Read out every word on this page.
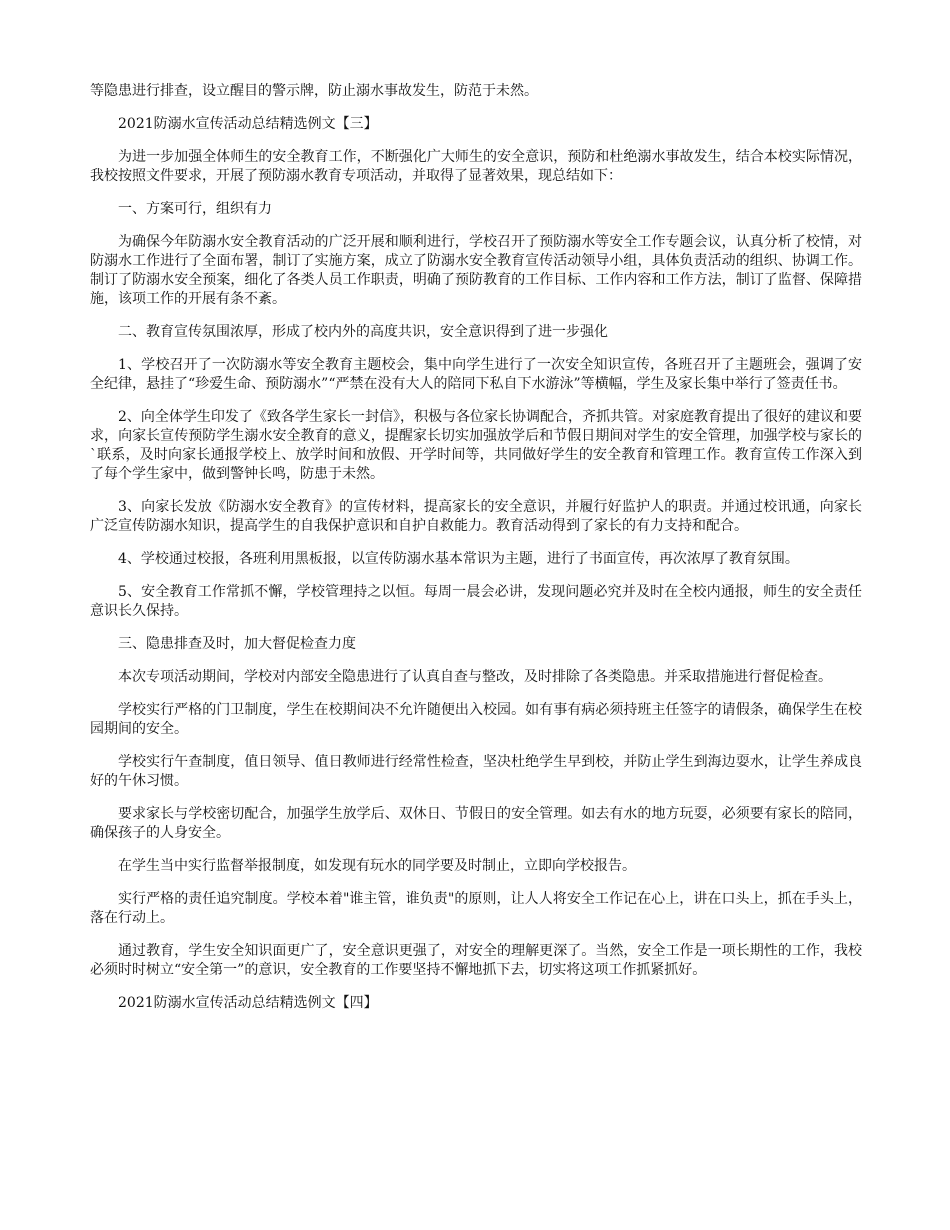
等隐患进行排查，设立醒目的警示牌，防止溺水事故发生，防范于未然。

2021防溺水宣传活动总结精选例文【三】

为进一步加强全体师生的安全教育工作，不断强化广大师生的安全意识，预防和杜绝溺水事故发生，结合本校实际情况，我校按照文件要求，开展了预防溺水教育专项活动，并取得了显著效果，现总结如下：

一、方案可行，组织有力

为确保今年防溺水安全教育活动的广泛开展和顺利进行，学校召开了预防溺水等安全工作专题会议，认真分析了校情，对防溺水工作进行了全面布署，制订了实施方案，成立了防溺水安全教育宣传活动领导小组，具体负责活动的组织、协调工作。制订了防溺水安全预案，细化了各类人员工作职责，明确了预防教育的工作目标、工作内容和工作方法，制订了监督、保障措施，该项工作的开展有条不紊。

二、教育宣传氛围浓厚，形成了校内外的高度共识，安全意识得到了进一步强化

1、学校召开了一次防溺水等安全教育主题校会，集中向学生进行了一次安全知识宣传，各班召开了主题班会，强调了安全纪律，悬挂了“珍爱生命、预防溺水”“严禁在没有大人的陪同下私自下水游泳”等横幅，学生及家长集中举行了签责任书。

2、向全体学生印发了《致各学生家长一封信》，积极与各位家长协调配合，齐抓共管。对家庭教育提出了很好的建议和要求，向家长宣传预防学生溺水安全教育的意义，提醒家长切实加强放学后和节假日期间对学生的安全管理，加强学校与家长的`联系，及时向家长通报学校上、放学时间和放假、开学时间等，共同做好学生的安全教育和管理工作。教育宣传工作深入到了每个学生家中，做到警钟长鸣，防患于未然。

3、向家长发放《防溺水安全教育》的宣传材料，提高家长的安全意识，并履行好监护人的职责。并通过校讯通，向家长广泛宣传防溺水知识，提高学生的自我保护意识和自护自救能力。教育活动得到了家长的有力支持和配合。

4、学校通过校报，各班利用黑板报，以宣传防溺水基本常识为主题，进行了书面宣传，再次浓厚了教育氛围。

5、安全教育工作常抓不懈，学校管理持之以恒。每周一晨会必讲，发现问题必究并及时在全校内通报，师生的安全责任意识长久保持。

三、隐患排查及时，加大督促检查力度

本次专项活动期间，学校对内部安全隐患进行了认真自查与整改，及时排除了各类隐患。并采取措施进行督促检查。

学校实行严格的门卫制度，学生在校期间决不允许随便出入校园。如有事有病必须持班主任签字的请假条，确保学生在校园期间的安全。

学校实行午查制度，值日领导、值日教师进行经常性检查，坚决杜绝学生早到校，并防止学生到海边耍水，让学生养成良好的午休习惯。

要求家长与学校密切配合，加强学生放学后、双休日、节假日的安全管理。如去有水的地方玩耍，必须要有家长的陪同，确保孩子的人身安全。

在学生当中实行监督举报制度，如发现有玩水的同学要及时制止，立即向学校报告。

实行严格的责任追究制度。学校本着"谁主管，谁负责"的原则，让人人将安全工作记在心上，讲在口头上，抓在手头上，落在行动上。

通过教育，学生安全知识面更广了，安全意识更强了，对安全的理解更深了。当然，安全工作是一项长期性的工作，我校必须时时树立“安全第一”的意识，安全教育的工作要坚持不懈地抓下去，切实将这项工作抓紧抓好。

2021防溺水宣传活动总结精选例文【四】
